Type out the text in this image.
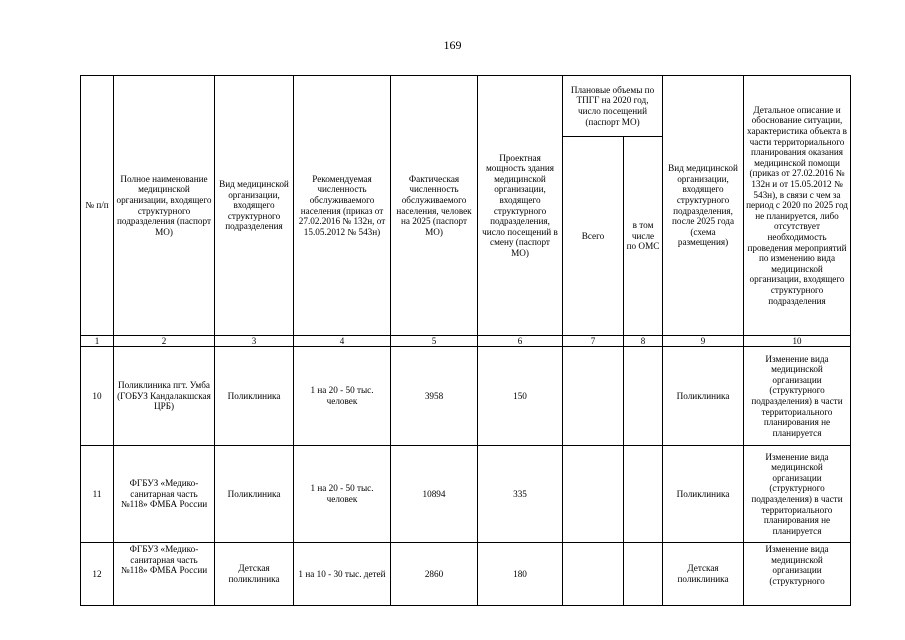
169
№ п/п	Полное наименование медицинской организации, входящего структурного подразделения (паспорт МО)	Вид медицинской организации, входящего структурного подразделения	Рекомендуемая численность обслуживаемого населения (приказ от 27.02.2016 № 132н, от 15.05.2012 № 543н)	Фактическая численность обслуживаемого населения, человек на 2025 (паспорт МО)	Проектная мощность здания медицинской организации, входящего структурного подразделения, число посещений в смену (паспорт МО)	Плановые объемы по ТПГГ на 2020 год, число посещений (паспорт МО)		Вид медицинской организации, входящего структурного подразделения, после 2025 года (схема размещения)	Детальное описание и обоснование ситуации, характеристика объекта в части территориального планирования оказания медицинской помощи (приказ от 27.02.2016 № 132н и от 15.05.2012 № 543н), в связи с чем за период с 2020 по 2025 год не планируется, либо отсутствует необходимость проведения мероприятий по изменению вида медицинской организации, входящего структурного подразделения
						Всего	в том числе по ОМС		
1	2	3	4	5	6	7	8	9	10
10	Поликлиника пгт. Умба (ГОБУЗ Кандалакшская ЦРБ)	Поликлиника	1 на 20 - 50 тыс. человек	3958	150			Поликлиника	Изменение вида медицинской организации (структурного подразделения) в части территориального планирования не планируется
11	ФГБУЗ «Медико-санитарная часть №118» ФМБА России	Поликлиника	1 на 20 - 50 тыс. человек	10894	335			Поликлиника	Изменение вида медицинской организации (структурного подразделения) в части территориального планирования не планируется
12	ФГБУЗ «Медико-санитарная часть №118» ФМБА России	Детская поликлиника	1 на 10 - 30 тыс. детей	2860	180			Детская поликлиника	Изменение вида медицинской организации (структурного
